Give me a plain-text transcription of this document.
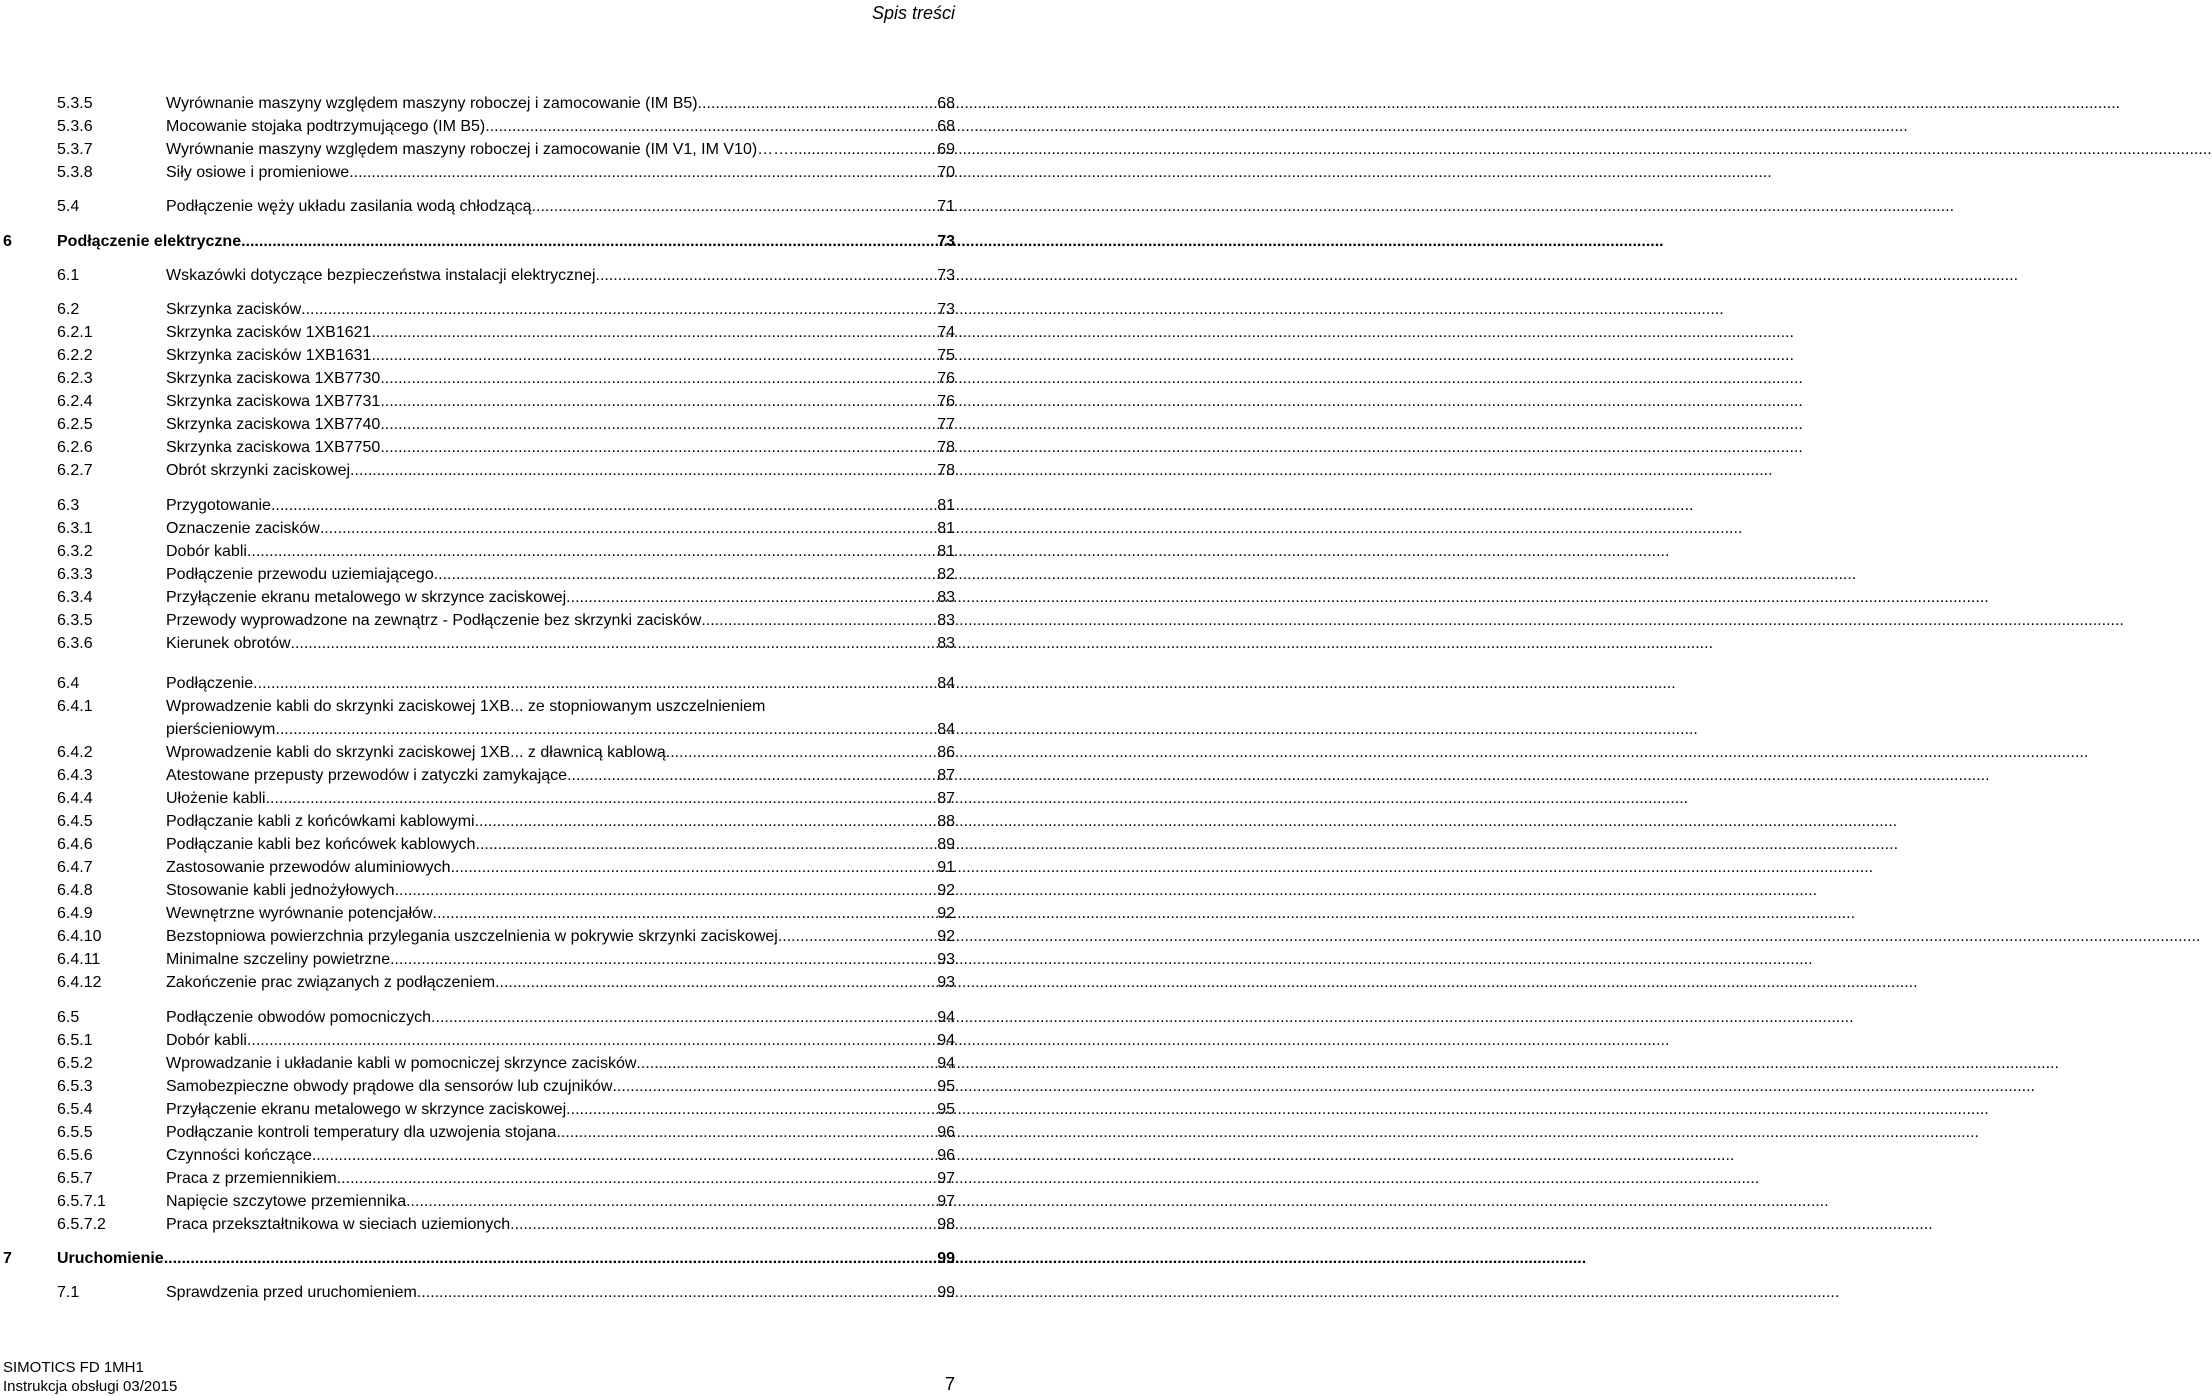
Spis treści
5.3.5	Wyrównanie maszyny względem maszyny roboczej i zamocowanie (IM B5) .....	68
5.3.6	Mocowanie stojaka podtrzymującego (IM B5) .....	68
5.3.7	Wyrównanie maszyny względem maszyny roboczej i zamocowanie (IM V1, IM V10)…… .....	69
5.3.8	Siły osiowe i promieniowe .....	70
5.4	Podłączenie węży układu zasilania wodą chłodzącą .....	71
6	Podłączenie elektryczne .....	73
6.1	Wskazówki dotyczące bezpieczeństwa instalacji elektrycznej .....	73
6.2	Skrzynka zacisków .....	73
6.2.1	Skrzynka zacisków 1XB1621 .....	74
6.2.2	Skrzynka zacisków 1XB1631 .....	75
6.2.3	Skrzynka zaciskowa 1XB7730 .....	76
6.2.4	Skrzynka zaciskowa 1XB7731 .....	76
6.2.5	Skrzynka zaciskowa 1XB7740 .....	77
6.2.6	Skrzynka zaciskowa 1XB7750 .....	78
6.2.7	Obrót skrzynki zaciskowej .....	78
6.3	Przygotowanie .....	81
6.3.1	Oznaczenie zacisków .....	81
6.3.2	Dobór kabli .....	81
6.3.3	Podłączenie przewodu uziemiającego .....	82
6.3.4	Przyłączenie ekranu metalowego w skrzynce zaciskowej .....	83
6.3.5	Przewody wyprowadzone na zewnątrz - Podłączenie bez skrzynki zacisków .....	83
6.3.6	Kierunek obrotów .....	83
6.4	Podłączenie .....	84
6.4.1	Wprowadzenie kabli do skrzynki zaciskowej 1XB... ze stopniowanym uszczelnieniem
pierścieniowym .....	84
6.4.2	Wprowadzenie kabli do skrzynki zaciskowej 1XB... z dławnicą kablową .....	86
6.4.3	Atestowane przepusty przewodów i zatyczki zamykające .....	87
6.4.4	Ułożenie kabli .....	87
6.4.5	Podłączanie kabli z końcówkami kablowymi .....	88
6.4.6	Podłączanie kabli bez końcówek kablowych .....	89
6.4.7	Zastosowanie przewodów aluminiowych .....	91
6.4.8	Stosowanie kabli jednożyłowych .....	92
6.4.9	Wewnętrzne wyrównanie potencjałów .....	92
6.4.10	Bezstopniowa powierzchnia przylegania uszczelnienia w pokrywie skrzynki zaciskowej .....	92
6.4.11	Minimalne szczeliny powietrzne .....	93
6.4.12	Zakończenie prac związanych z podłączeniem .....	93
6.5	Podłączenie obwodów pomocniczych .....	94
6.5.1	Dobór kabli .....	94
6.5.2	Wprowadzanie i układanie kabli w pomocniczej skrzynce zacisków .....	94
6.5.3	Samobezpieczne obwody prądowe dla sensorów lub czujników .....	95
6.5.4	Przyłączenie ekranu metalowego w skrzynce zaciskowej .....	95
6.5.5	Podłączanie kontroli temperatury dla uzwojenia stojana .....	96
6.5.6	Czynności kończące .....	96
6.5.7	Praca z przemiennikiem .....	97
6.5.7.1	Napięcie szczytowe przemiennika .....	97
6.5.7.2	Praca przekształtnikowa w sieciach uziemionych .....	98
7	Uruchomienie .....	99
7.1	Sprawdzenia przed uruchomieniem .....	99
SIMOTICS FD 1MH1
Instrukcja obsługi 03/2015	7
